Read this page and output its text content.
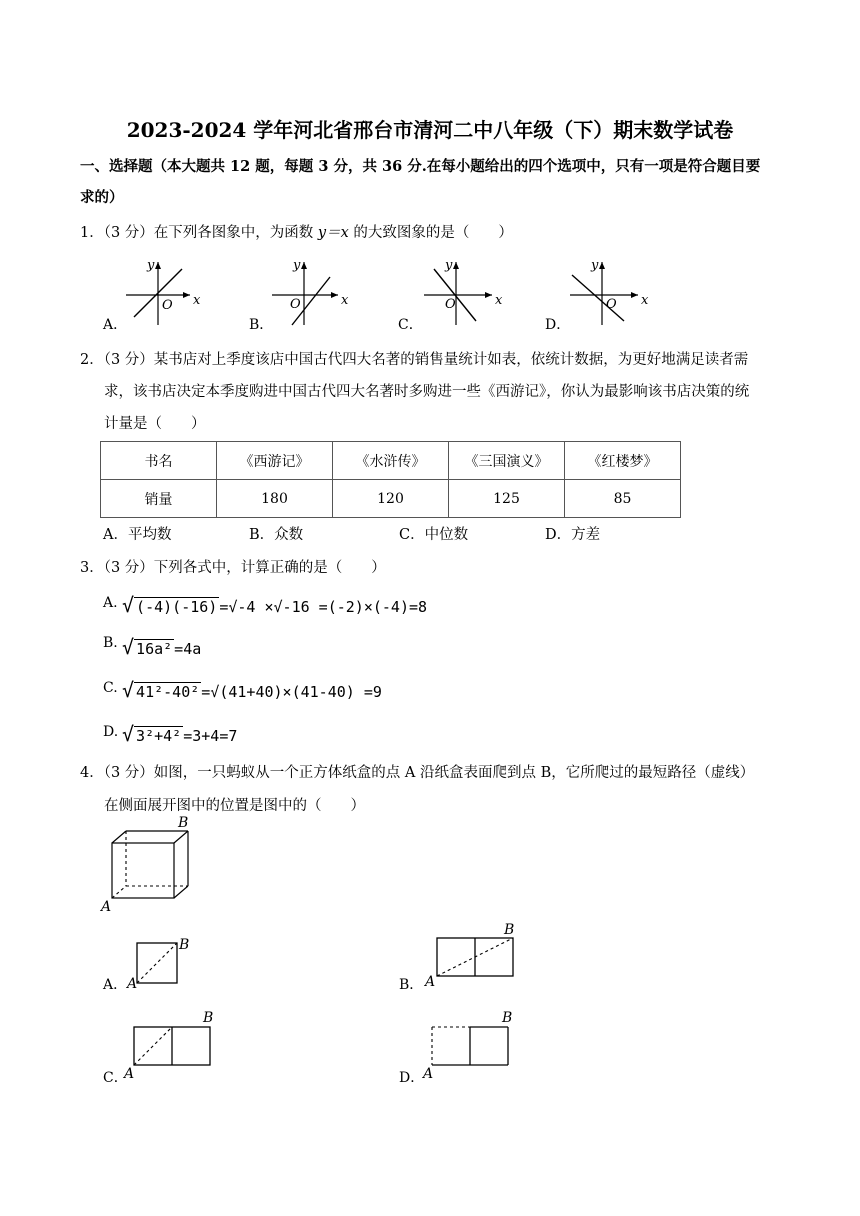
2023-2024 学年河北省邢台市清河二中八年级（下）期末数学试卷
一、选择题（本大题共 12 题，每题 3 分，共 36 分.在每小题给出的四个选项中，只有一项是符合题目要
求的）
1．（3 分）在下列各图象中，为函数 y＝x 的大致图象的是（　　）
A．
y
x
O
B．
y
x
O
C．
y
x
O
D．
y
x
O
2．（3 分）某书店对上季度该店中国古代四大名著的销售量统计如表，依统计数据，为更好地满足读者需
求，该书店决定本季度购进中国古代四大名著时多购进一些《西游记》，你认为最影响该书店决策的统
计量是（　　）
书名	《西游记》	《水浒传》	《三国演义》	《红楼梦》
销量	180	120	125	85
A．平均数	B．众数	C．中位数	D．方差
3．（3 分）下列各式中，计算正确的是（　　）
A. √ (-4)(-16) =√-4 ×√-16 =(-2)×(-4)=8
B. √ 16a² =4a
C. √ 41²-40² =√(41+40)×(41-40) =9
D. √ 3²+4² =3+4=7
4．（3 分）如图，一只蚂蚁从一个正方体纸盒的点 A 沿纸盒表面爬到点 B，它所爬过的最短路径（虚线）
在侧面展开图中的位置是图中的（　　）
B
A
A．
B
A	B．
B
A
C．
B
A	D．
B
A
